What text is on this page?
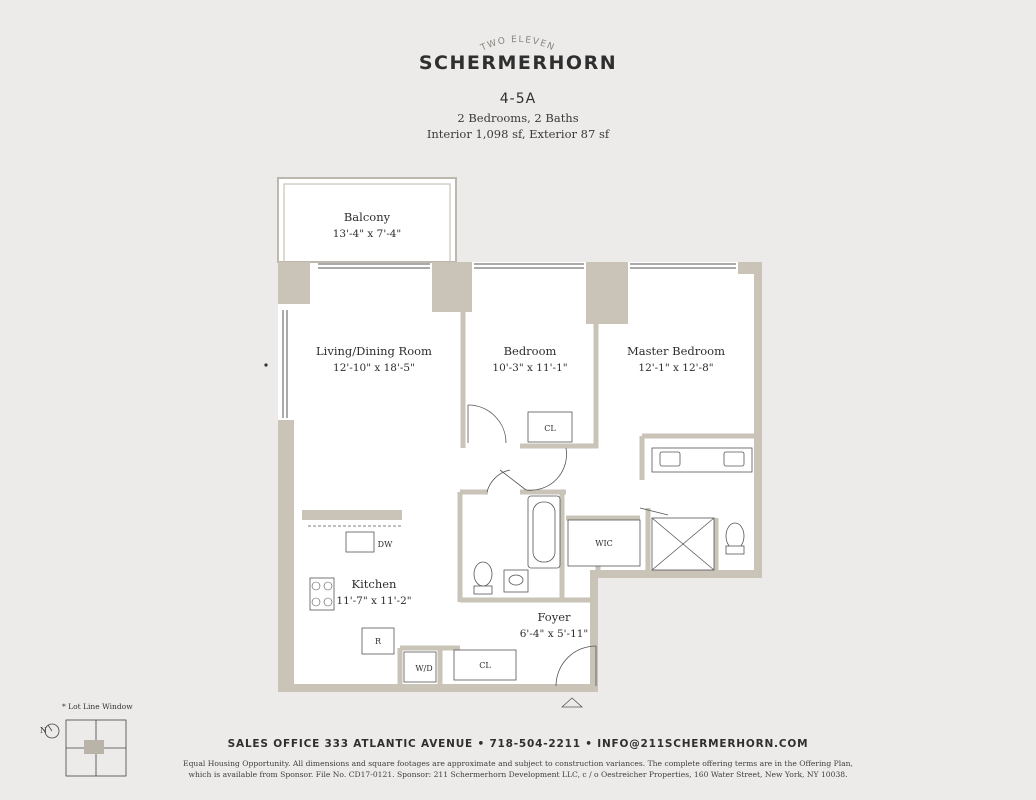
TWO ELEVEN
SCHERMERHORN
4-5A
2 Bedrooms, 2 Baths
Interior 1,098 sf, Exterior 87 sf
Balcony
13'-4" x 7'-4"
Living/Dining Room
12'-10" x 18'-5"
Bedroom
10'-3" x 11'-1"
Master Bedroom
12'-1" x 12'-8"
Kitchen
11'-7" x 11'-2"
Foyer
6'-4" x 5'-11"
CL
WIC
DW
R
W/D	CL
N
* Lot Line Window
SALES OFFICE 333 ATLANTIC AVENUE • 718-504-2211 • INFO@211SCHERMERHORN.COM
Equal Housing Opportunity. All dimensions and square footages are approximate and subject to construction variances. The complete offering terms are in the Offering Plan,
which is available from Sponsor. File No. CD17-0121. Sponsor: 211 Schermerhorn Development LLC, c / o Oestreicher Properties, 160 Water Street, New York, NY 10038.
